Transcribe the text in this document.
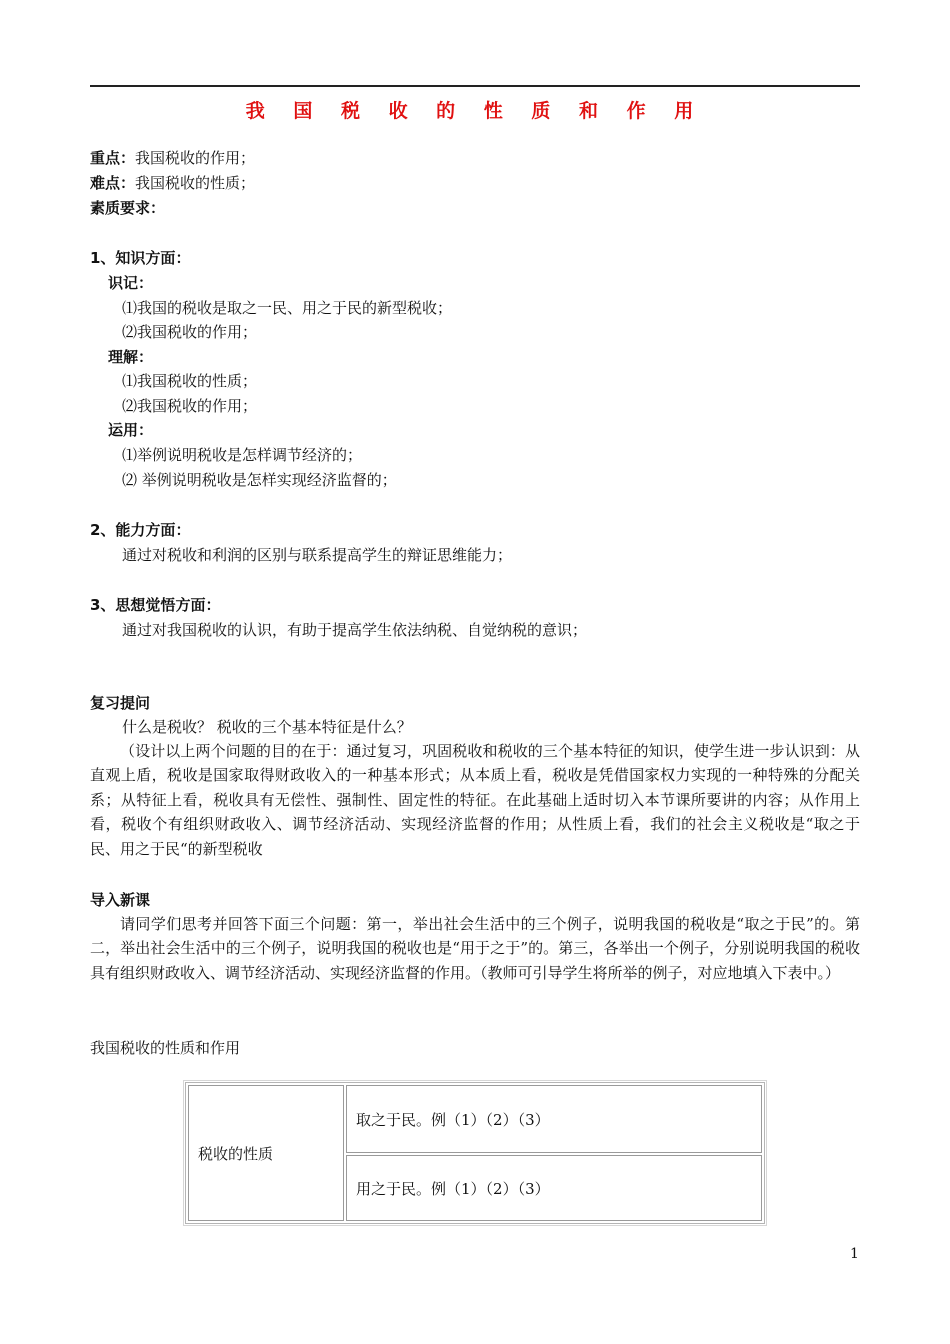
我 国 税 收 的 性 质 和 作 用
重点：我国税收的作用；
难点：我国税收的性质；
素质要求：
1、知识方面：
识记：
⑴我国的税收是取之一民、用之于民的新型税收；
⑵我国税收的作用；
理解：
⑴我国税收的性质；
⑵我国税收的作用；
运用：
⑴举例说明税收是怎样调节经济的；
⑵ 举例说明税收是怎样实现经济监督的；
2、能力方面：
通过对税收和利润的区别与联系提高学生的辩证思维能力；
3、思想觉悟方面：
通过对我国税收的认识，有助于提高学生依法纳税、自觉纳税的意识；
复习提问
什么是税收？ 税收的三个基本特征是什么？
（设计以上两个问题的目的在于：通过复习，巩固税收和税收的三个基本特征的知识，使学生进一步认识到：从直观上盾，税收是国家取得财政收入的一种基本形式；从本质上看，税收是凭借国家权力实现的一种特殊的分配关系；从特征上看，税收具有无偿性、强制性、固定性的特征。在此基础上适时切入本节课所要讲的内容；从作用上看，税收个有组织财政收入、调节经济活动、实现经济监督的作用；从性质上看，我们的社会主义税收是“取之于民、用之于民“的新型税收
导入新课
请同学们思考并回答下面三个问题：第一，举出社会生活中的三个例子，说明我国的税收是“取之于民”的。第二，举出社会生活中的三个例子，说明我国的税收也是“用于之于”的。第三，各举出一个例子，分别说明我国的税收具有组织财政收入、调节经济活动、实现经济监督的作用。（教师可引导学生将所举的例子，对应地填入下表中。）
我国税收的性质和作用
税收的性质	取之于民。例（1）（2）（3）
用之于民。例（1）（2）（3）
1
